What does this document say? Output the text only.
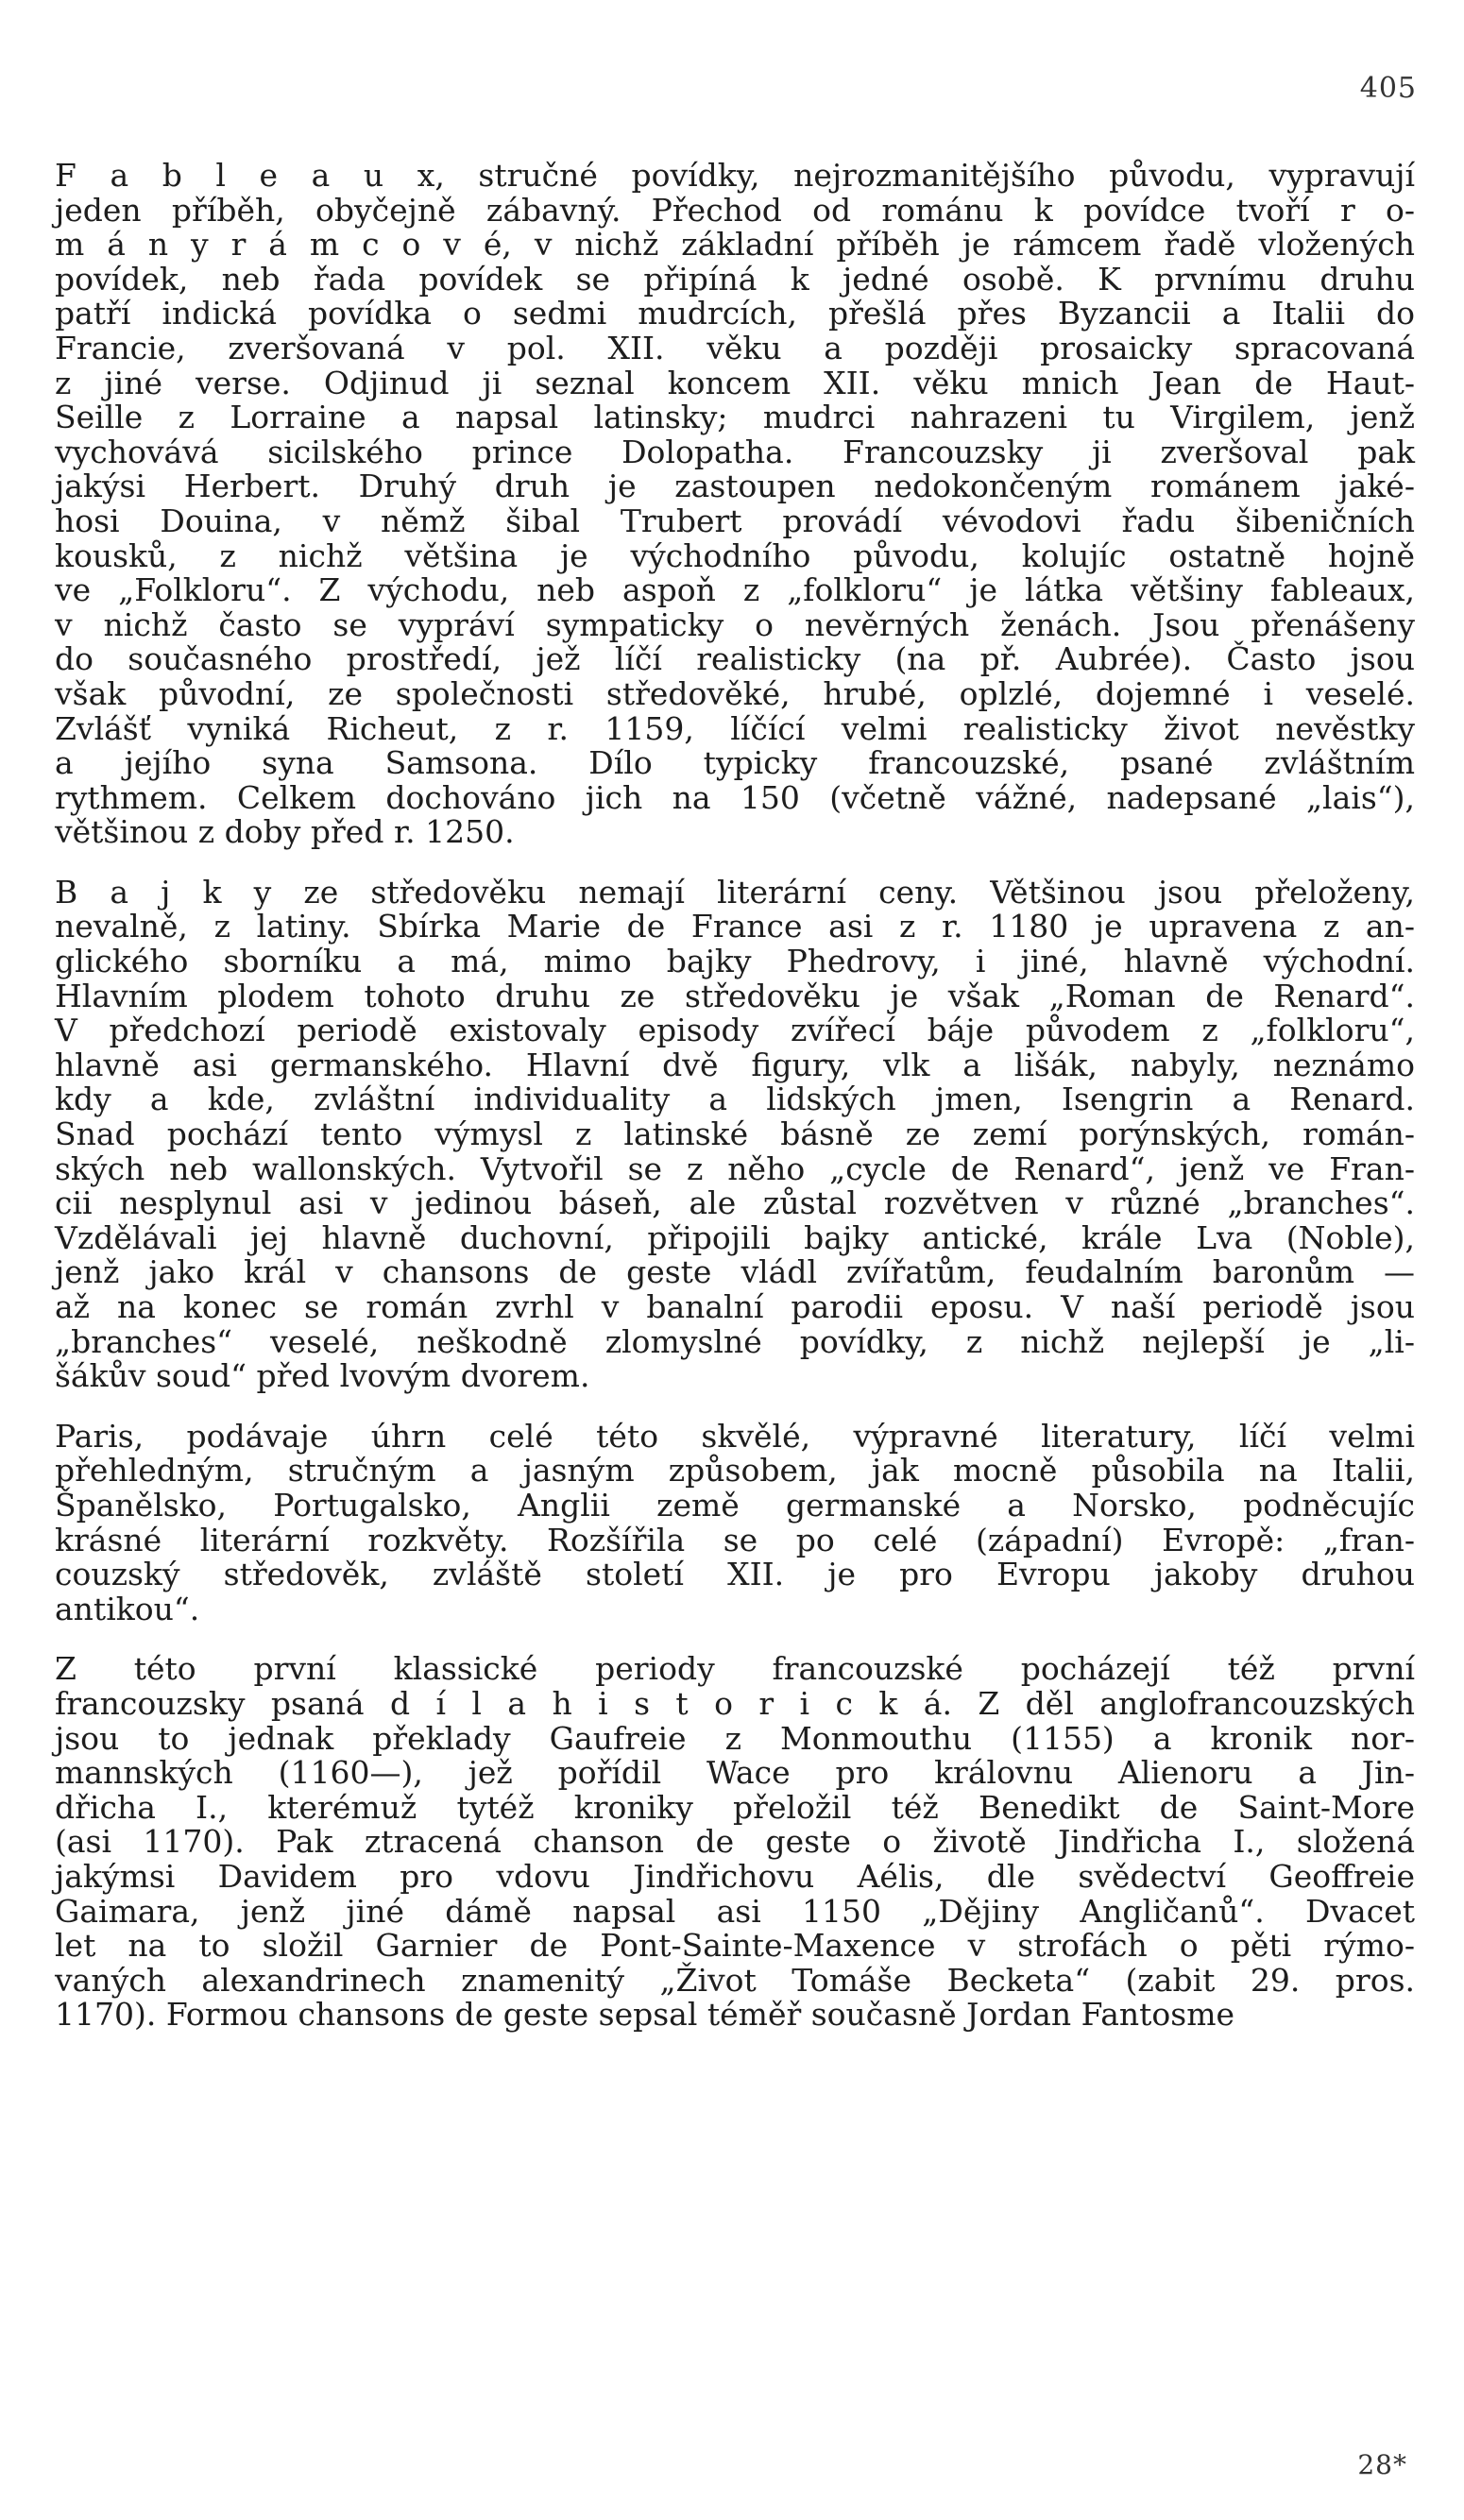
405
F a b l e a u x, stručné povídky, nejrozmanitějšího původu, vypravují
jeden příběh, obyčejně zábavný. Přechod od románu k povídce tvoří r o-
m á n y r á m c o v é, v nichž základní příběh je rámcem řadě vložených
povídek, neb řada povídek se připíná k jedné osobě. K prvnímu druhu
patří indická povídka o sedmi mudrcích, přešlá přes Byzancii a Italii do
Francie, zveršovaná v pol. XII. věku a později prosaicky spracovaná
z jiné verse. Odjinud ji seznal koncem XII. věku mnich Jean de Haut-
Seille z Lorraine a napsal latinsky; mudrci nahrazeni tu Virgilem, jenž
vychovává sicilského prince Dolopatha. Francouzsky ji zveršoval pak
jakýsi Herbert. Druhý druh je zastoupen nedokončeným románem jaké-
hosi Douina, v němž šibal Trubert provádí vévodovi řadu šibeničních
kousků, z nichž většina je východního původu, kolujíc ostatně hojně
ve „Folkloru“. Z východu, neb aspoň z „folkloru“ je látka většiny fableaux,
v nichž často se vypráví sympaticky o nevěrných ženách. Jsou přenášeny
do současného prostředí, jež líčí realisticky (na př. Aubrée). Často jsou
však původní, ze společnosti středověké, hrubé, oplzlé, dojemné i veselé.
Zvlášť vyniká Richeut, z r. 1159, líčící velmi realisticky život nevěstky
a jejího syna Samsona. Dílo typicky francouzské, psané zvláštním
rythmem. Celkem dochováno jich na 150 (včetně vážné, nadepsané „lais“),
většinou z doby před r. 1250.
B a j k y ze středověku nemají literární ceny. Většinou jsou přeloženy,
nevalně, z latiny. Sbírka Marie de France asi z r. 1180 je upravena z an-
glického sborníku a má, mimo bajky Phedrovy, i jiné, hlavně východní.
Hlavním plodem tohoto druhu ze středověku je však „Roman de Renard“.
V předchozí periodě existovaly episody zvířecí báje původem z „folkloru“,
hlavně asi germanského. Hlavní dvě figury, vlk a lišák, nabyly, neznámo
kdy a kde, zvláštní individuality a lidských jmen, Isengrin a Renard.
Snad pochází tento výmysl z latinské básně ze zemí porýnských, román-
ských neb wallonských. Vytvořil se z něho „cycle de Renard“, jenž ve Fran-
cii nesplynul asi v jedinou báseň, ale zůstal rozvětven v různé „branches“.
Vzdělávali jej hlavně duchovní, připojili bajky antické, krále Lva (Noble),
jenž jako král v chansons de geste vládl zvířatům, feudalním baronům —
až na konec se román zvrhl v banalní parodii eposu. V naší periodě jsou
„branches“ veselé, neškodně zlomyslné povídky, z nichž nejlepší je „li-
šákův soud“ před lvovým dvorem.
Paris, podávaje úhrn celé této skvělé, výpravné literatury, líčí velmi
přehledným, stručným a jasným způsobem, jak mocně působila na Italii,
Španělsko, Portugalsko, Anglii země germanské a Norsko, podněcujíc
krásné literární rozkvěty. Rozšířila se po celé (západní) Evropě: „fran-
couzský středověk, zvláště století XII. je pro Evropu jakoby druhou
antikou“.
Z této první klassické periody francouzské pocházejí též první
francouzsky psaná d í l a h i s t o r i c k á. Z děl anglofrancouzských
jsou to jednak překlady Gaufreie z Monmouthu (1155) a kronik nor-
mannských (1160—), jež pořídil Wace pro královnu Alienoru a Jin-
dřicha I., kterémuž tytéž kroniky přeložil též Benedikt de Saint-More
(asi 1170). Pak ztracená chanson de geste o životě Jindřicha I., složená
jakýmsi Davidem pro vdovu Jindřichovu Aélis, dle svědectví Geoffreie
Gaimara, jenž jiné dámě napsal asi 1150 „Dějiny Angličanů“. Dvacet
let na to složil Garnier de Pont-Sainte-Maxence v strofách o pěti rýmo-
vaných alexandrinech znamenitý „Život Tomáše Becketa“ (zabit 29. pros.
1170). Formou chansons de geste sepsal téměř současně Jordan Fantosme
28*
